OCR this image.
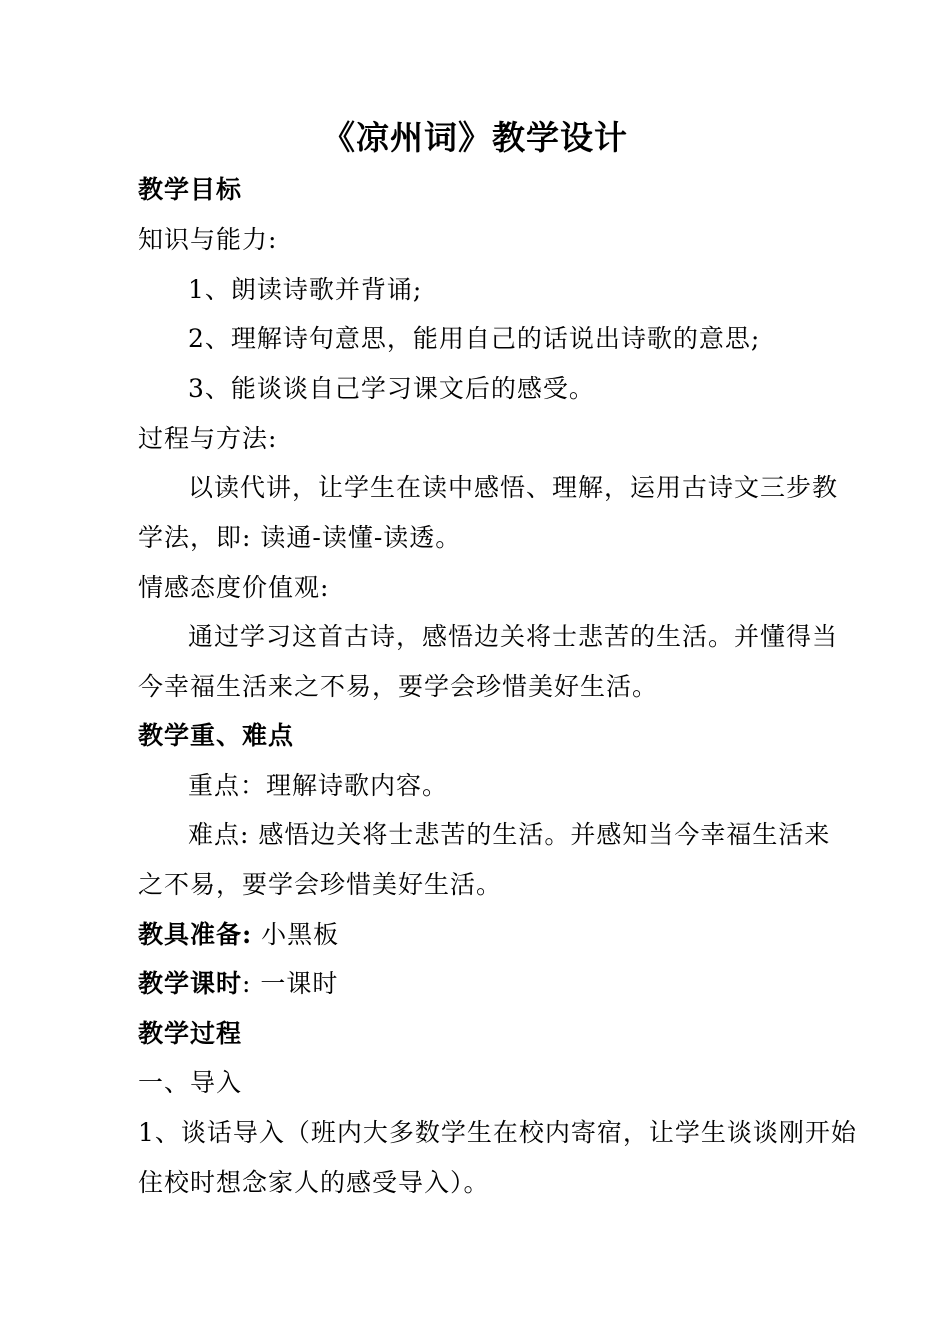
《凉州词》教学设计
教学目标
知识与能力:
1、朗读诗歌并背诵;
2、理解诗句意思，能用自己的话说出诗歌的意思;
3、能谈谈自己学习课文后的感受。
过程与方法:
以读代讲，让学生在读中感悟、理解，运用古诗文三步教
学法，即: 读通-读懂-读透。
情感态度价值观:
通过学习这首古诗，感悟边关将士悲苦的生活。并懂得当
今幸福生活来之不易，要学会珍惜美好生活。
教学重、难点
重点：理解诗歌内容。
难点: 感悟边关将士悲苦的生活。并感知当今幸福生活来
之不易，要学会珍惜美好生活。
教具准备: 小黑板
教学课时: 一课时
教学过程
一、导入
1、谈话导入（班内大多数学生在校内寄宿，让学生谈谈刚开始
住校时想念家人的感受导入）。
